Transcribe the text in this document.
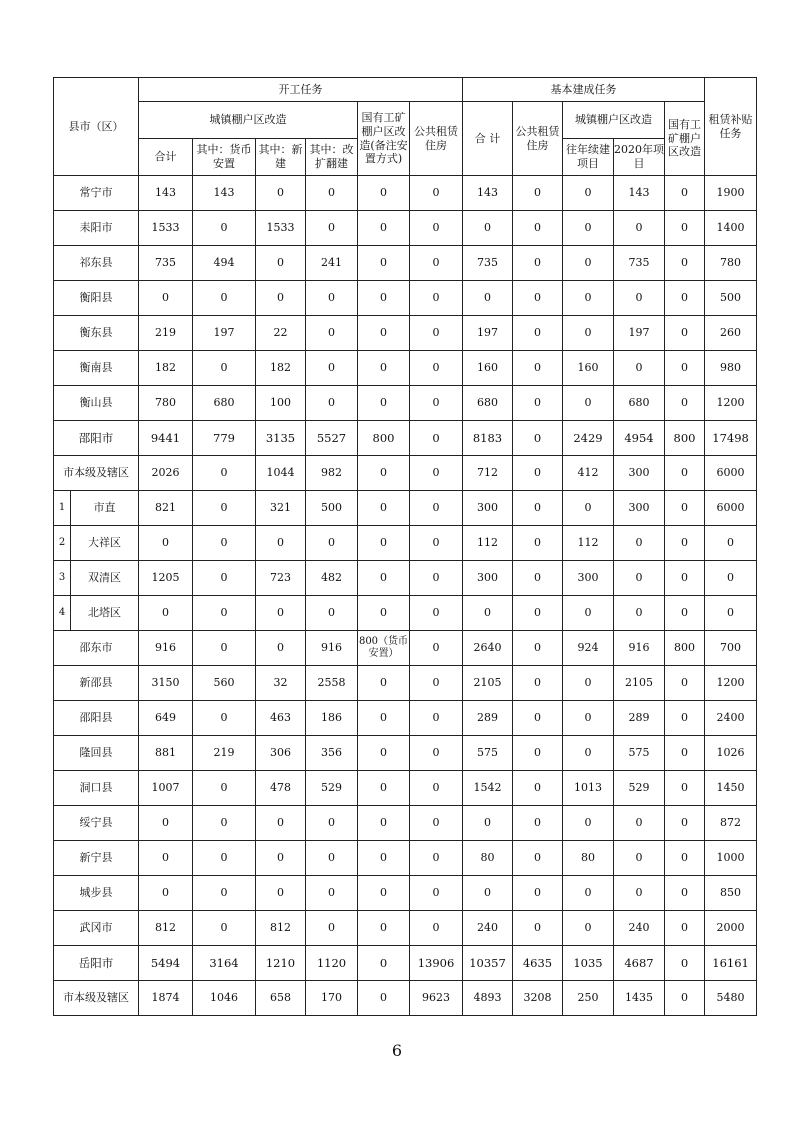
县市（区）		开工任务						基本建成任务					租赁补贴任务
		城镇棚户区改造				国有工矿棚户区改造(备注安置方式)	公共租赁住房	合 计	公共租赁住房	城镇棚户区改造		国有工矿棚户区改造	
		合计	其中：货币安置	其中：新 建	其中：改扩翻建					往年续建项目	2020年项目		
常宁市		143	143	0	0	0	0	143	0	0	143	0	1900
耒阳市		1533	0	1533	0	0	0	0	0	0	0	0	1400
祁东县		735	494	0	241	0	0	735	0	0	735	0	780
衡阳县		0	0	0	0	0	0	0	0	0	0	0	500
衡东县		219	197	22	0	0	0	197	0	0	197	0	260
衡南县		182	0	182	0	0	0	160	0	160	0	0	980
衡山县		780	680	100	0	0	0	680	0	0	680	0	1200
邵阳市		9441	779	3135	5527	800	0	8183	0	2429	4954	800	17498
市本级及辖区		2026	0	1044	982	0	0	712	0	412	300	0	6000
1	市直	821	0	321	500	0	0	300	0	0	300	0	6000
2	大祥区	0	0	0	0	0	0	112	0	112	0	0	0
3	双清区	1205	0	723	482	0	0	300	0	300	0	0	0
4	北塔区	0	0	0	0	0	0	0	0	0	0	0	0
邵东市		916	0	0	916	800（货币安置）	0	2640	0	924	916	800	700
新邵县		3150	560	32	2558	0	0	2105	0	0	2105	0	1200
邵阳县		649	0	463	186	0	0	289	0	0	289	0	2400
隆回县		881	219	306	356	0	0	575	0	0	575	0	1026
洞口县		1007	0	478	529	0	0	1542	0	1013	529	0	1450
绥宁县		0	0	0	0	0	0	0	0	0	0	0	872
新宁县		0	0	0	0	0	0	80	0	80	0	0	1000
城步县		0	0	0	0	0	0	0	0	0	0	0	850
武冈市		812	0	812	0	0	0	240	0	0	240	0	2000
岳阳市		5494	3164	1210	1120	0	13906	10357	4635	1035	4687	0	16161
市本级及辖区		1874	1046	658	170	0	9623	4893	3208	250	1435	0	5480
6
